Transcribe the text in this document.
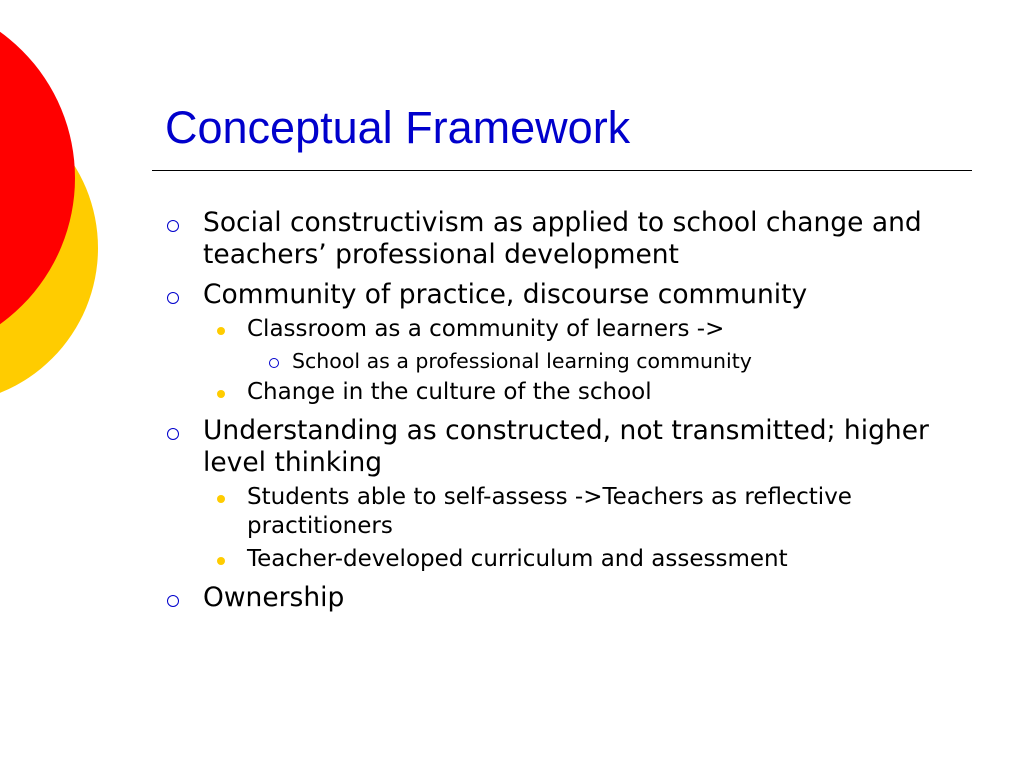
Conceptual Framework
Social constructivism as applied to school change and teachers’ professional development
Community of practice, discourse community
Classroom as a community of learners ->
School as a professional learning community
Change in the culture of the school
Understanding as constructed, not transmitted; higher level thinking
Students able to self-assess ->Teachers as reflective practitioners
Teacher-developed curriculum and assessment
Ownership
